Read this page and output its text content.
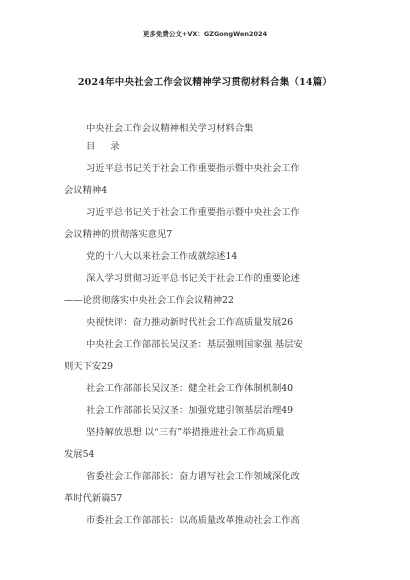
更多免费公文+VX：GZGongWen2024
2024年中央社会工作会议精神学习贯彻材料合集（14篇）
中央社会工作会议精神相关学习材料合集
目 录
习近平总书记关于社会工作重要指示暨中央社会工作
会议精神4
习近平总书记关于社会工作重要指示暨中央社会工作
会议精神的贯彻落实意见7
党的十八大以来社会工作成就综述14
深入学习贯彻习近平总书记关于社会工作的重要论述
——论贯彻落实中央社会工作会议精神22
央视快评：奋力推动新时代社会工作高质量发展26
中央社会工作部部长吴汉圣：基层强则国家强 基层安
则天下安29
社会工作部部长吴汉圣：健全社会工作体制机制40
社会工作部部长吴汉圣：加强党建引领基层治理49
坚持解放思想 以“三有”举措推进社会工作高质量
发展54
省委社会工作部部长：奋力谱写社会工作领域深化改
革时代新篇57
市委社会工作部部长：以高质量改革推动社会工作高
